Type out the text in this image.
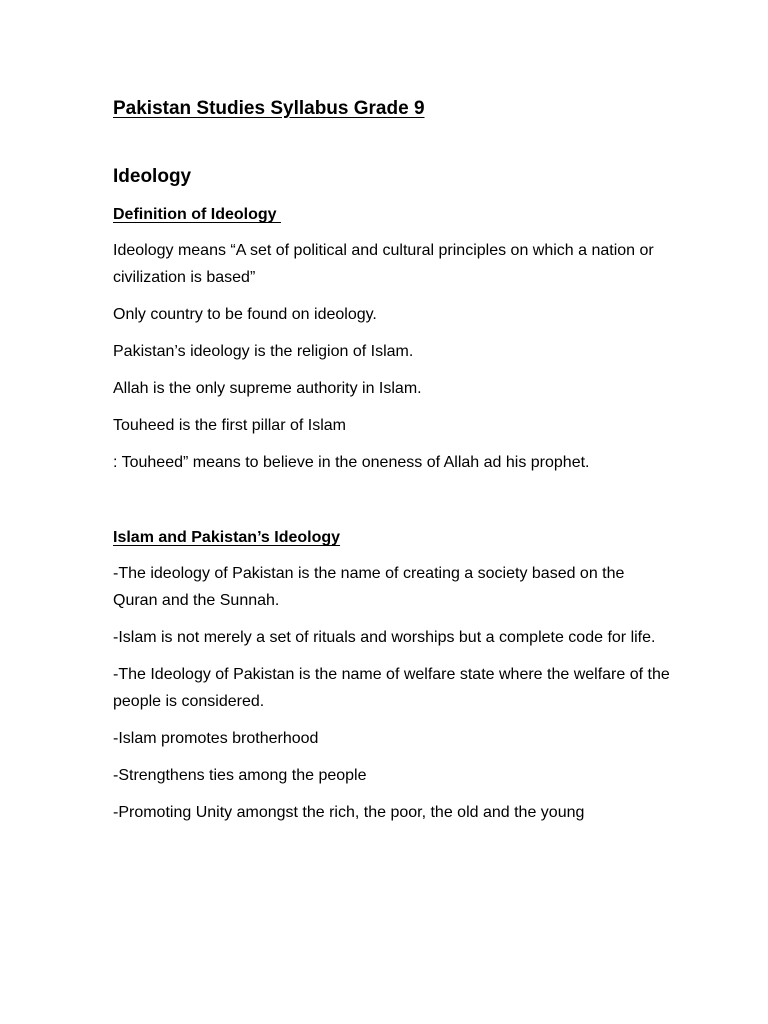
Pakistan Studies Syllabus Grade 9
Ideology
Definition of Ideology

Ideology means “A set of political and cultural principles on which a nation or civilization is based”

Only country to be found on ideology.

Pakistan’s ideology is the religion of Islam.

Allah is the only supreme authority in Islam.

Touheed is the first pillar of Islam

: Touheed” means to believe in the oneness of Allah ad his prophet.

Islam and Pakistan’s Ideology

-The ideology of Pakistan is the name of creating a society based on the Quran and the Sunnah.

-Islam is not merely a set of rituals and worships but a complete code for life.

-The Ideology of Pakistan is the name of welfare state where the welfare of the people is considered.

-Islam promotes brotherhood

-Strengthens ties among the people

-Promoting Unity amongst the rich, the poor, the old and the young
